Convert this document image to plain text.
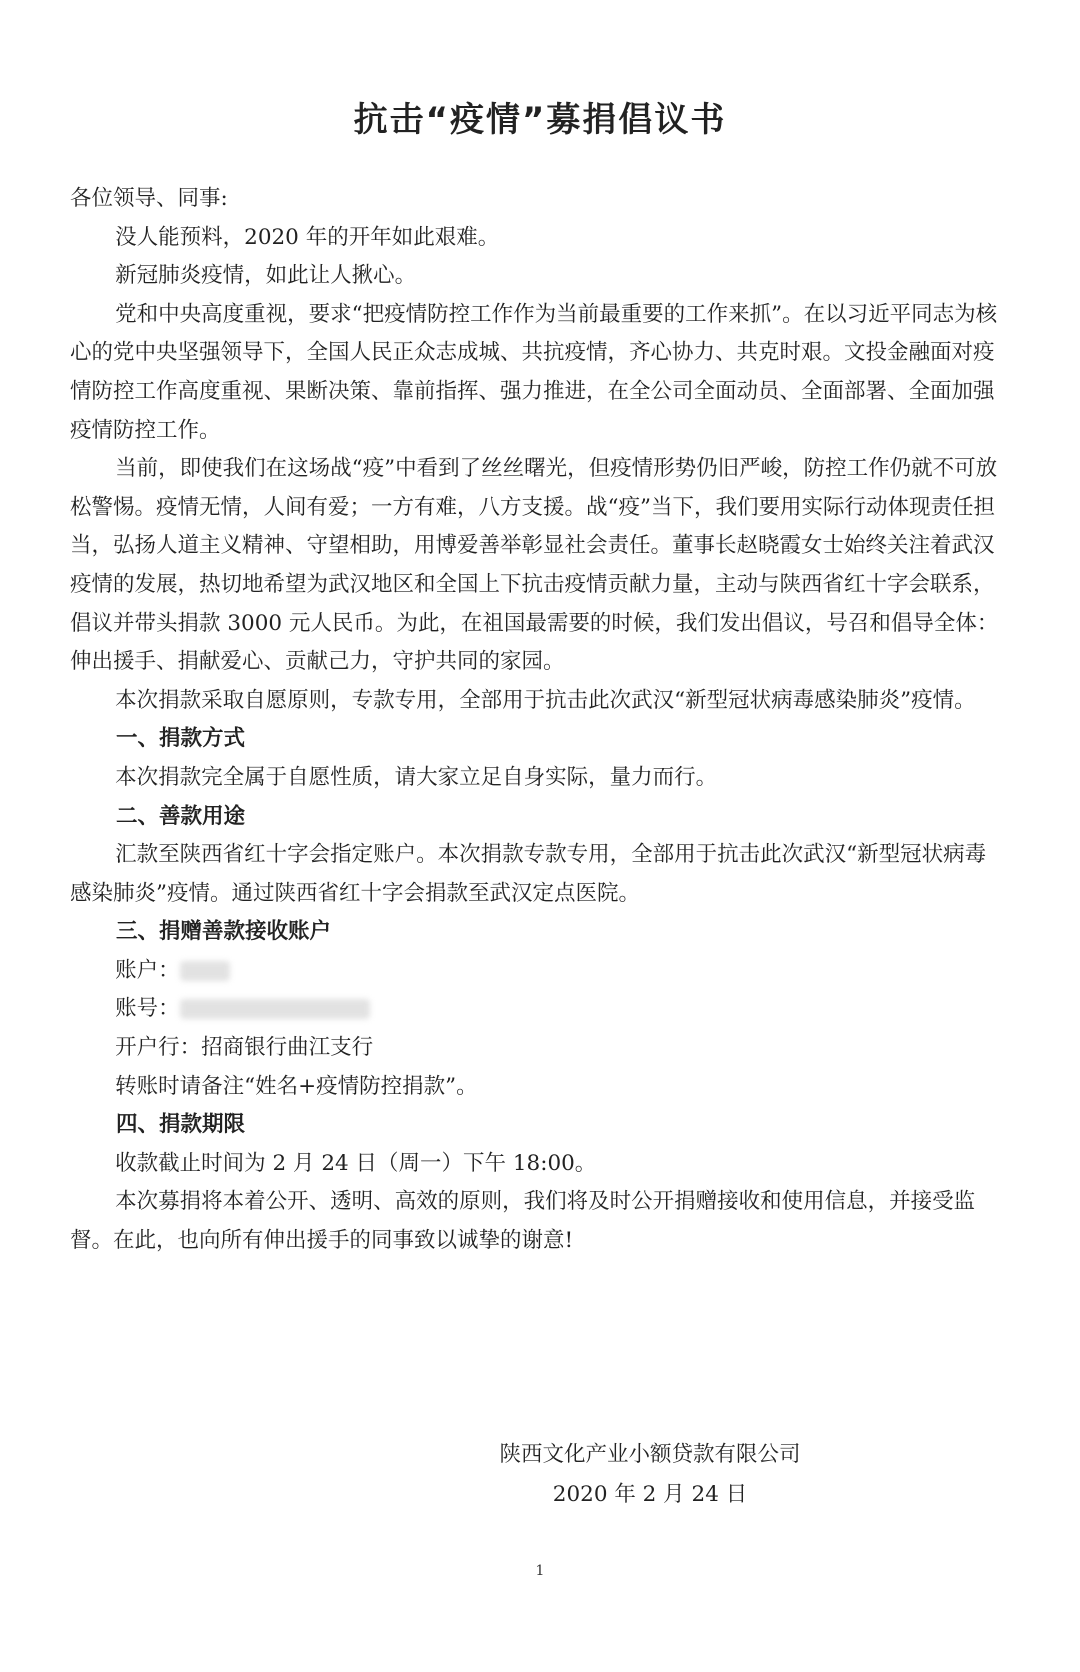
抗击“疫情”募捐倡议书

各位领导、同事:

没人能预料，2020 年的开年如此艰难。

新冠肺炎疫情，如此让人揪心。

党和中央高度重视，要求“把疫情防控工作作为当前最重要的工作来抓”。在以习近平同志为核心的党中央坚强领导下，全国人民正众志成城、共抗疫情，齐心协力、共克时艰。文投金融面对疫情防控工作高度重视、果断决策、靠前指挥、强力推进，在全公司全面动员、全面部署、全面加强疫情防控工作。

当前，即使我们在这场战“疫”中看到了丝丝曙光，但疫情形势仍旧严峻，防控工作仍就不可放松警惕。疫情无情，人间有爱；一方有难，八方支援。战“疫”当下，我们要用实际行动体现责任担当，弘扬人道主义精神、守望相助，用博爱善举彰显社会责任。董事长赵晓霞女士始终关注着武汉疫情的发展，热切地希望为武汉地区和全国上下抗击疫情贡献力量，主动与陕西省红十字会联系，倡议并带头捐款 3000 元人民币。为此，在祖国最需要的时候，我们发出倡议，号召和倡导全体：伸出援手、捐献爱心、贡献己力，守护共同的家园。

本次捐款采取自愿原则，专款专用，全部用于抗击此次武汉“新型冠状病毒感染肺炎”疫情。

一、捐款方式

本次捐款完全属于自愿性质，请大家立足自身实际，量力而行。

二、善款用途

汇款至陕西省红十字会指定账户。本次捐款专款专用，全部用于抗击此次武汉“新型冠状病毒感染肺炎”疫情。通过陕西省红十字会捐款至武汉定点医院。

三、捐赠善款接收账户

账户：

账号：

开户行：招商银行曲江支行

转账时请备注“姓名+疫情防控捐款”。

四、捐款期限

收款截止时间为 2 月 24 日（周一）下午 18:00。

本次募捐将本着公开、透明、高效的原则，我们将及时公开捐赠接收和使用信息，并接受监督。在此，也向所有伸出援手的同事致以诚挚的谢意!

陕西文化产业小额贷款有限公司
2020 年 2 月 24 日
1
